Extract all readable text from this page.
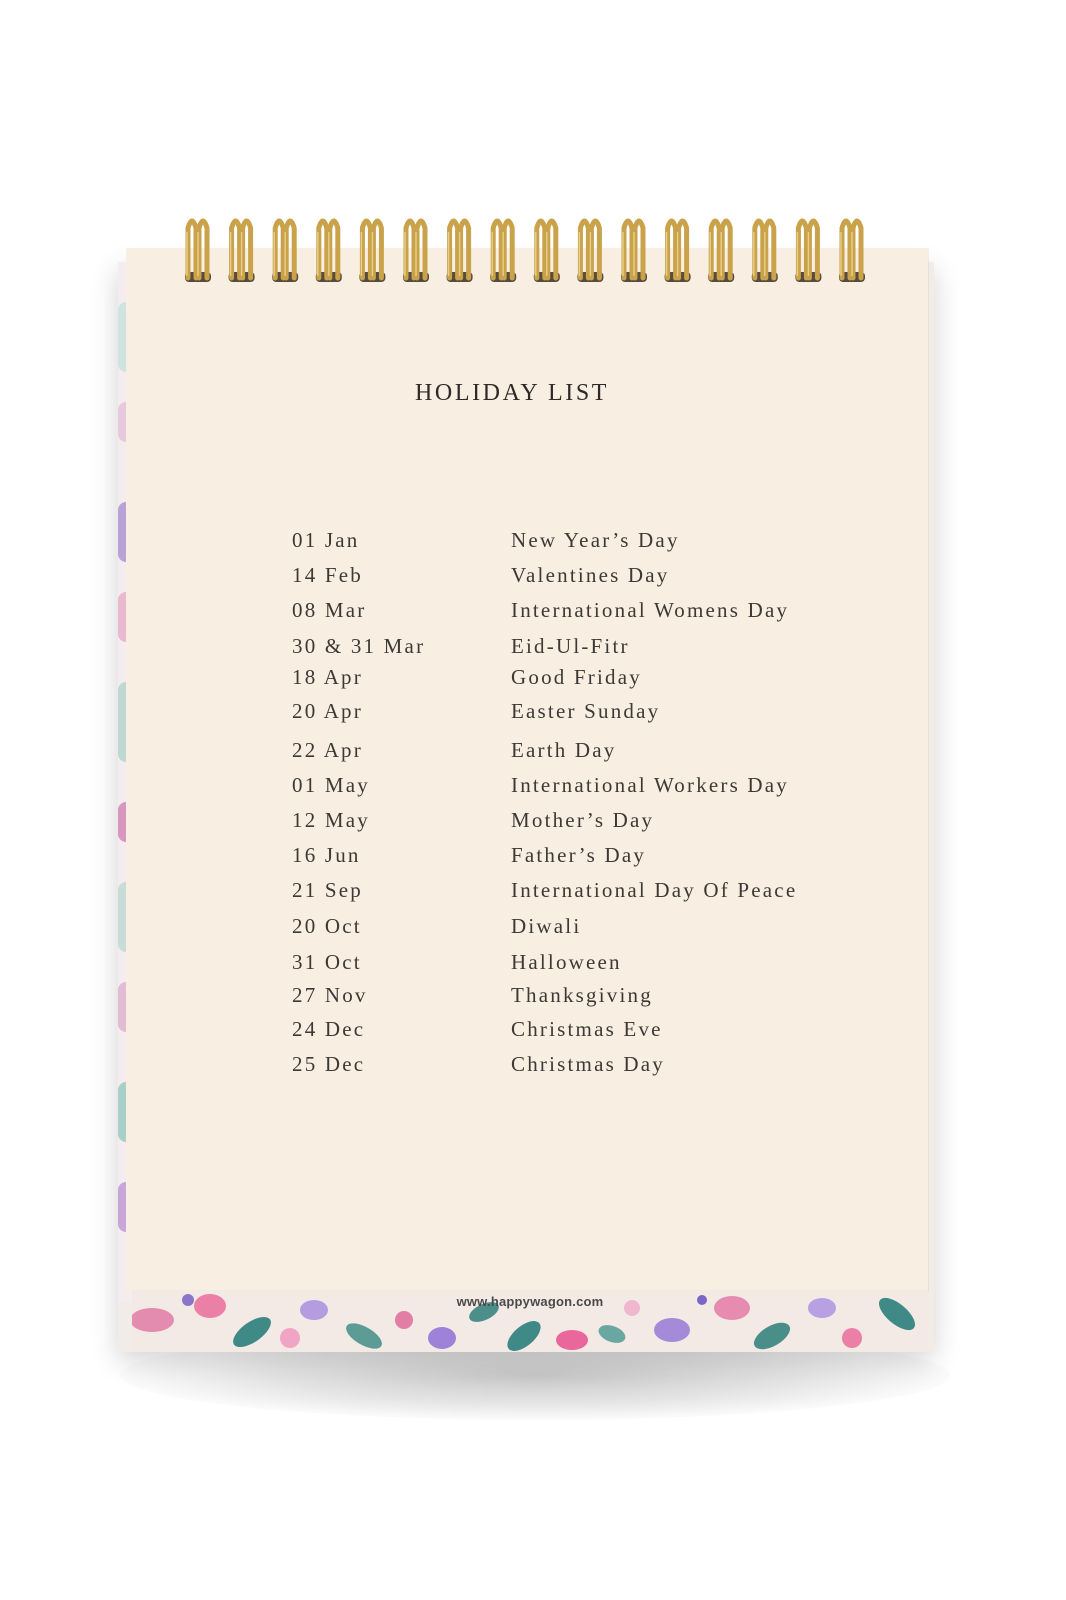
www.happywagon.com
HOLIDAY LIST
01 Jan	New Year’s Day
14 Feb	Valentines Day
08 Mar	International Womens Day
30 & 31 Mar	Eid-Ul-Fitr
18 Apr	Good Friday
20 Apr	Easter Sunday
22 Apr	Earth Day
01 May	International Workers Day
12 May	Mother’s Day
16 Jun	Father’s Day
21 Sep	International Day Of Peace
20 Oct	Diwali
31 Oct	Halloween
27 Nov	Thanksgiving
24 Dec	Christmas Eve
25 Dec	Christmas Day
